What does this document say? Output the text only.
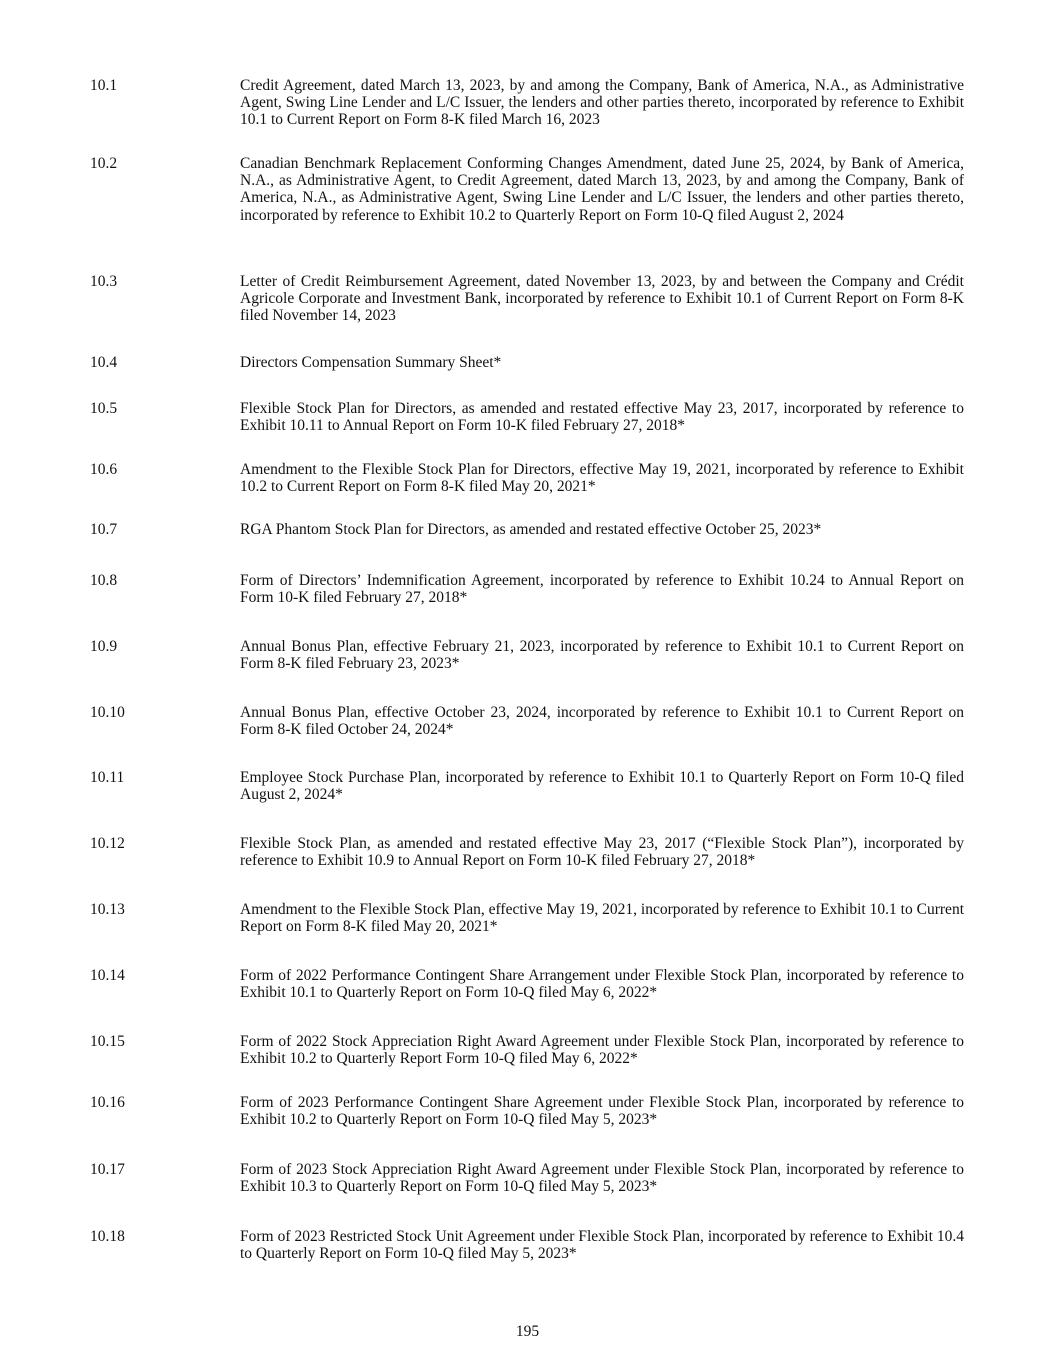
10.1	Credit Agreement, dated March 13, 2023, by and among the Company, Bank of America, N.A., as Administrative Agent, Swing Line Lender and L/C Issuer, the lenders and other parties thereto, incorporated by reference to Exhibit 10.1 to Current Report on Form 8-K filed March 16, 2023
10.2	Canadian Benchmark Replacement Conforming Changes Amendment, dated June 25, 2024, by Bank of America, N.A., as Administrative Agent, to Credit Agreement, dated March 13, 2023, by and among the Company, Bank of America, N.A., as Administrative Agent, Swing Line Lender and L/C Issuer, the lenders and other parties thereto, incorporated by reference to Exhibit 10.2 to Quarterly Report on Form 10-Q filed August 2, 2024
10.3	Letter of Credit Reimbursement Agreement, dated November 13, 2023, by and between the Company and Crédit Agricole Corporate and Investment Bank, incorporated by reference to Exhibit 10.1 of Current Report on Form 8-K filed November 14, 2023
10.4	Directors Compensation Summary Sheet*
10.5	Flexible Stock Plan for Directors, as amended and restated effective May 23, 2017, incorporated by reference to Exhibit 10.11 to Annual Report on Form 10-K filed February 27, 2018*
10.6	Amendment to the Flexible Stock Plan for Directors, effective May 19, 2021, incorporated by reference to Exhibit 10.2 to Current Report on Form 8-K filed May 20, 2021*
10.7	RGA Phantom Stock Plan for Directors, as amended and restated effective October 25, 2023*
10.8	Form of Directors’ Indemnification Agreement, incorporated by reference to Exhibit 10.24 to Annual Report on Form 10-K filed February 27, 2018*
10.9	Annual Bonus Plan, effective February 21, 2023, incorporated by reference to Exhibit 10.1 to Current Report on Form 8-K filed February 23, 2023*
10.10	Annual Bonus Plan, effective October 23, 2024, incorporated by reference to Exhibit 10.1 to Current Report on Form 8-K filed October 24, 2024*
10.11	Employee Stock Purchase Plan, incorporated by reference to Exhibit 10.1 to Quarterly Report on Form 10-Q filed August 2, 2024*
10.12	Flexible Stock Plan, as amended and restated effective May 23, 2017 (“Flexible Stock Plan”), incorporated by reference to Exhibit 10.9 to Annual Report on Form 10-K filed February 27, 2018*
10.13	Amendment to the Flexible Stock Plan, effective May 19, 2021, incorporated by reference to Exhibit 10.1 to Current Report on Form 8-K filed May 20, 2021*
10.14	Form of 2022 Performance Contingent Share Arrangement under Flexible Stock Plan, incorporated by reference to Exhibit 10.1 to Quarterly Report on Form 10-Q filed May 6, 2022*
10.15	Form of 2022 Stock Appreciation Right Award Agreement under Flexible Stock Plan, incorporated by reference to Exhibit 10.2 to Quarterly Report Form 10-Q filed May 6, 2022*
10.16	Form of 2023 Performance Contingent Share Agreement under Flexible Stock Plan, incorporated by reference to Exhibit 10.2 to Quarterly Report on Form 10-Q filed May 5, 2023*
10.17	Form of 2023 Stock Appreciation Right Award Agreement under Flexible Stock Plan, incorporated by reference to Exhibit 10.3 to Quarterly Report on Form 10-Q filed May 5, 2023*
10.18	Form of 2023 Restricted Stock Unit Agreement under Flexible Stock Plan, incorporated by reference to Exhibit 10.4 to Quarterly Report on Form 10-Q filed May 5, 2023*
195
